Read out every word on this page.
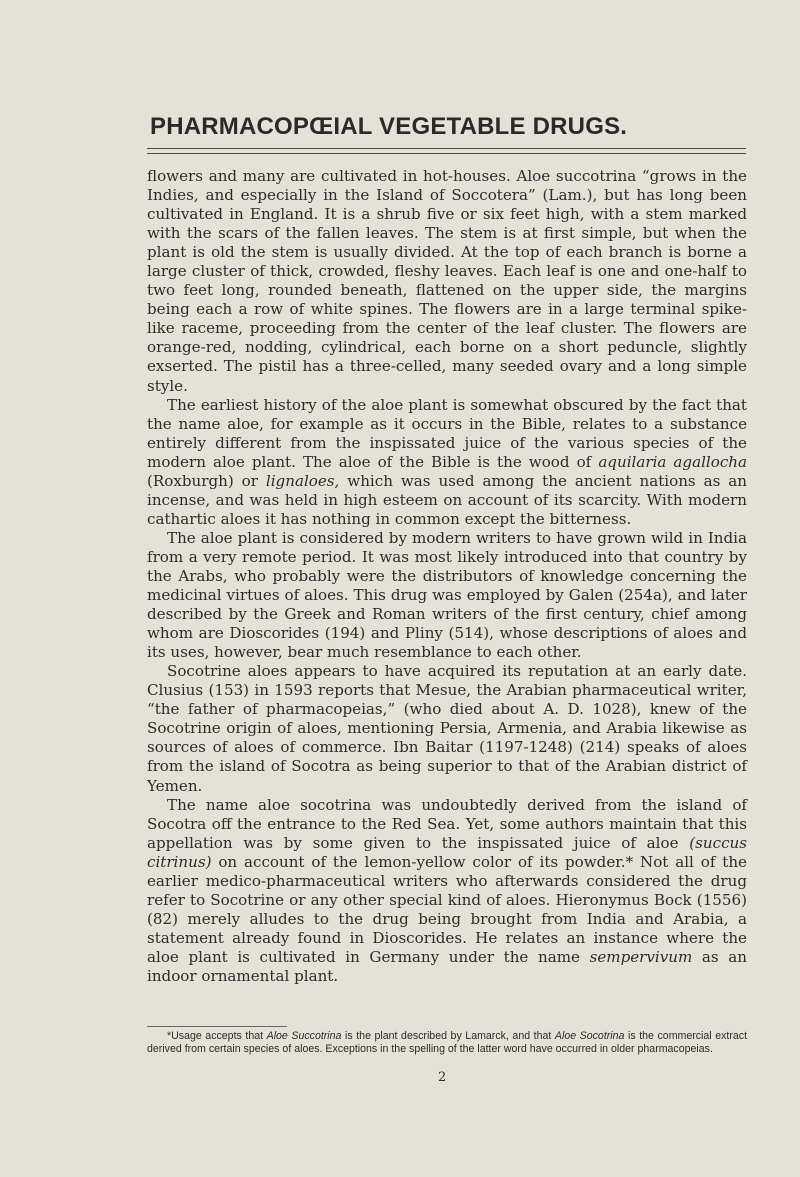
PHARMACOPŒIAL VEGETABLE DRUGS.

flowers and many are cultivated in hot-houses. Aloe succotrina “grows in the Indies, and especially in the Island of Soccotera” (Lam.), but has long been cultivated in England. It is a shrub five or six feet high, with a stem marked with the scars of the fallen leaves. The stem is at first simple, but when the plant is old the stem is usually divided. At the top of each branch is borne a large cluster of thick, crowded, fleshy leaves. Each leaf is one and one-half to two feet long, rounded beneath, flattened on the upper side, the margins being each a row of white spines. The flowers are in a large terminal spike-like raceme, proceeding from the center of the leaf cluster. The flowers are orange-red, nodding, cylindrical, each borne on a short peduncle, slightly exserted. The pistil has a three-celled, many seeded ovary and a long simple style.

The earliest history of the aloe plant is somewhat obscured by the fact that the name aloe, for example as it occurs in the Bible, relates to a substance entirely different from the inspissated juice of the various species of the modern aloe plant. The aloe of the Bible is the wood of aquilaria agallocha (Roxburgh) or lignaloes, which was used among the ancient nations as an incense, and was held in high esteem on account of its scarcity. With modern cathartic aloes it has nothing in common except the bitterness.

The aloe plant is considered by modern writers to have grown wild in India from a very remote period. It was most likely introduced into that country by the Arabs, who probably were the distributors of knowledge concerning the medicinal virtues of aloes. This drug was employed by Galen (254a), and later described by the Greek and Roman writers of the first century, chief among whom are Dioscorides (194) and Pliny (514), whose descriptions of aloes and its uses, however, bear much resemblance to each other.

Socotrine aloes appears to have acquired its reputation at an early date. Clusius (153) in 1593 reports that Mesue, the Arabian pharmaceutical writer, “the father of pharmacopeias,” (who died about A. D. 1028), knew of the Socotrine origin of aloes, mentioning Persia, Armenia, and Arabia likewise as sources of aloes of commerce. Ibn Baitar (1197-1248) (214) speaks of aloes from the island of Socotra as being superior to that of the Arabian district of Yemen.

The name aloe socotrina was undoubtedly derived from the island of Socotra off the entrance to the Red Sea. Yet, some authors maintain that this appellation was by some given to the inspissated juice of aloe (succus citrinus) on account of the lemon-yellow color of its powder.* Not all of the earlier medico-pharmaceutical writers who afterwards considered the drug refer to Socotrine or any other special kind of aloes. Hieronymus Bock (1556) (82) merely alludes to the drug being brought from India and Arabia, a statement already found in Dioscorides. He relates an instance where the aloe plant is cultivated in Germany under the name sempervivum as an indoor ornamental plant.

*Usage accepts that Aloe Succotrina is the plant described by Lamarck, and that Aloe Socotrina is the commercial extract derived from certain species of aloes. Exceptions in the spelling of the latter word have occurred in older pharmacopeias.

2
